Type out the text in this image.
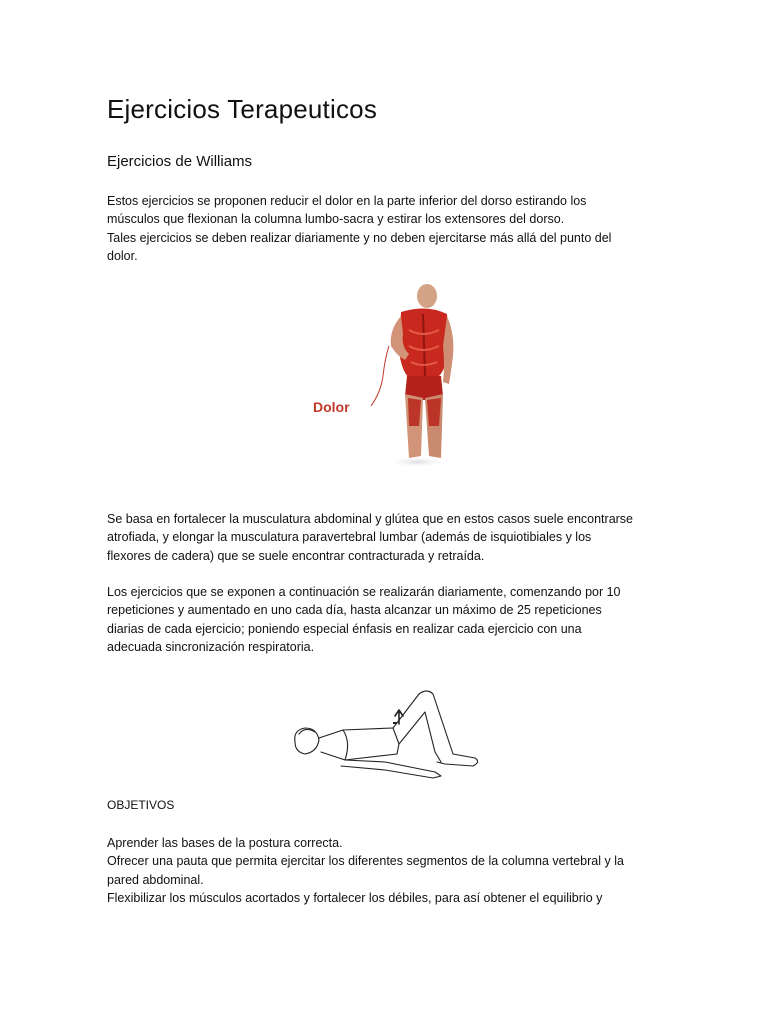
Ejercicios Terapeuticos
Ejercicios de Williams

Estos ejercicios se proponen reducir el dolor en la parte inferior del dorso estirando los
músculos que flexionan la columna lumbo-sacra y estirar los extensores del dorso.
Tales ejercicios se deben realizar diariamente y no deben ejercitarse más allá del punto del
dolor.

Dolor

Se basa en fortalecer la musculatura abdominal y glútea que en estos casos suele encontrarse
atrofiada, y elongar la musculatura paravertebral lumbar (además de isquiotibiales y los
flexores de cadera) que se suele encontrar contracturada y retraída.

Los ejercicios que se exponen a continuación se realizarán diariamente, comenzando por 10
repeticiones y aumentado en uno cada día, hasta alcanzar un máximo de 25 repeticiones
diarias de cada ejercicio; poniendo especial énfasis en realizar cada ejercicio con una
adecuada sincronización respiratoria.

OBJETIVOS

Aprender las bases de la postura correcta.
Ofrecer una pauta que permita ejercitar los diferentes segmentos de la columna vertebral y la
pared abdominal.
Flexibilizar los músculos acortados y fortalecer los débiles, para así obtener el equilibrio y
